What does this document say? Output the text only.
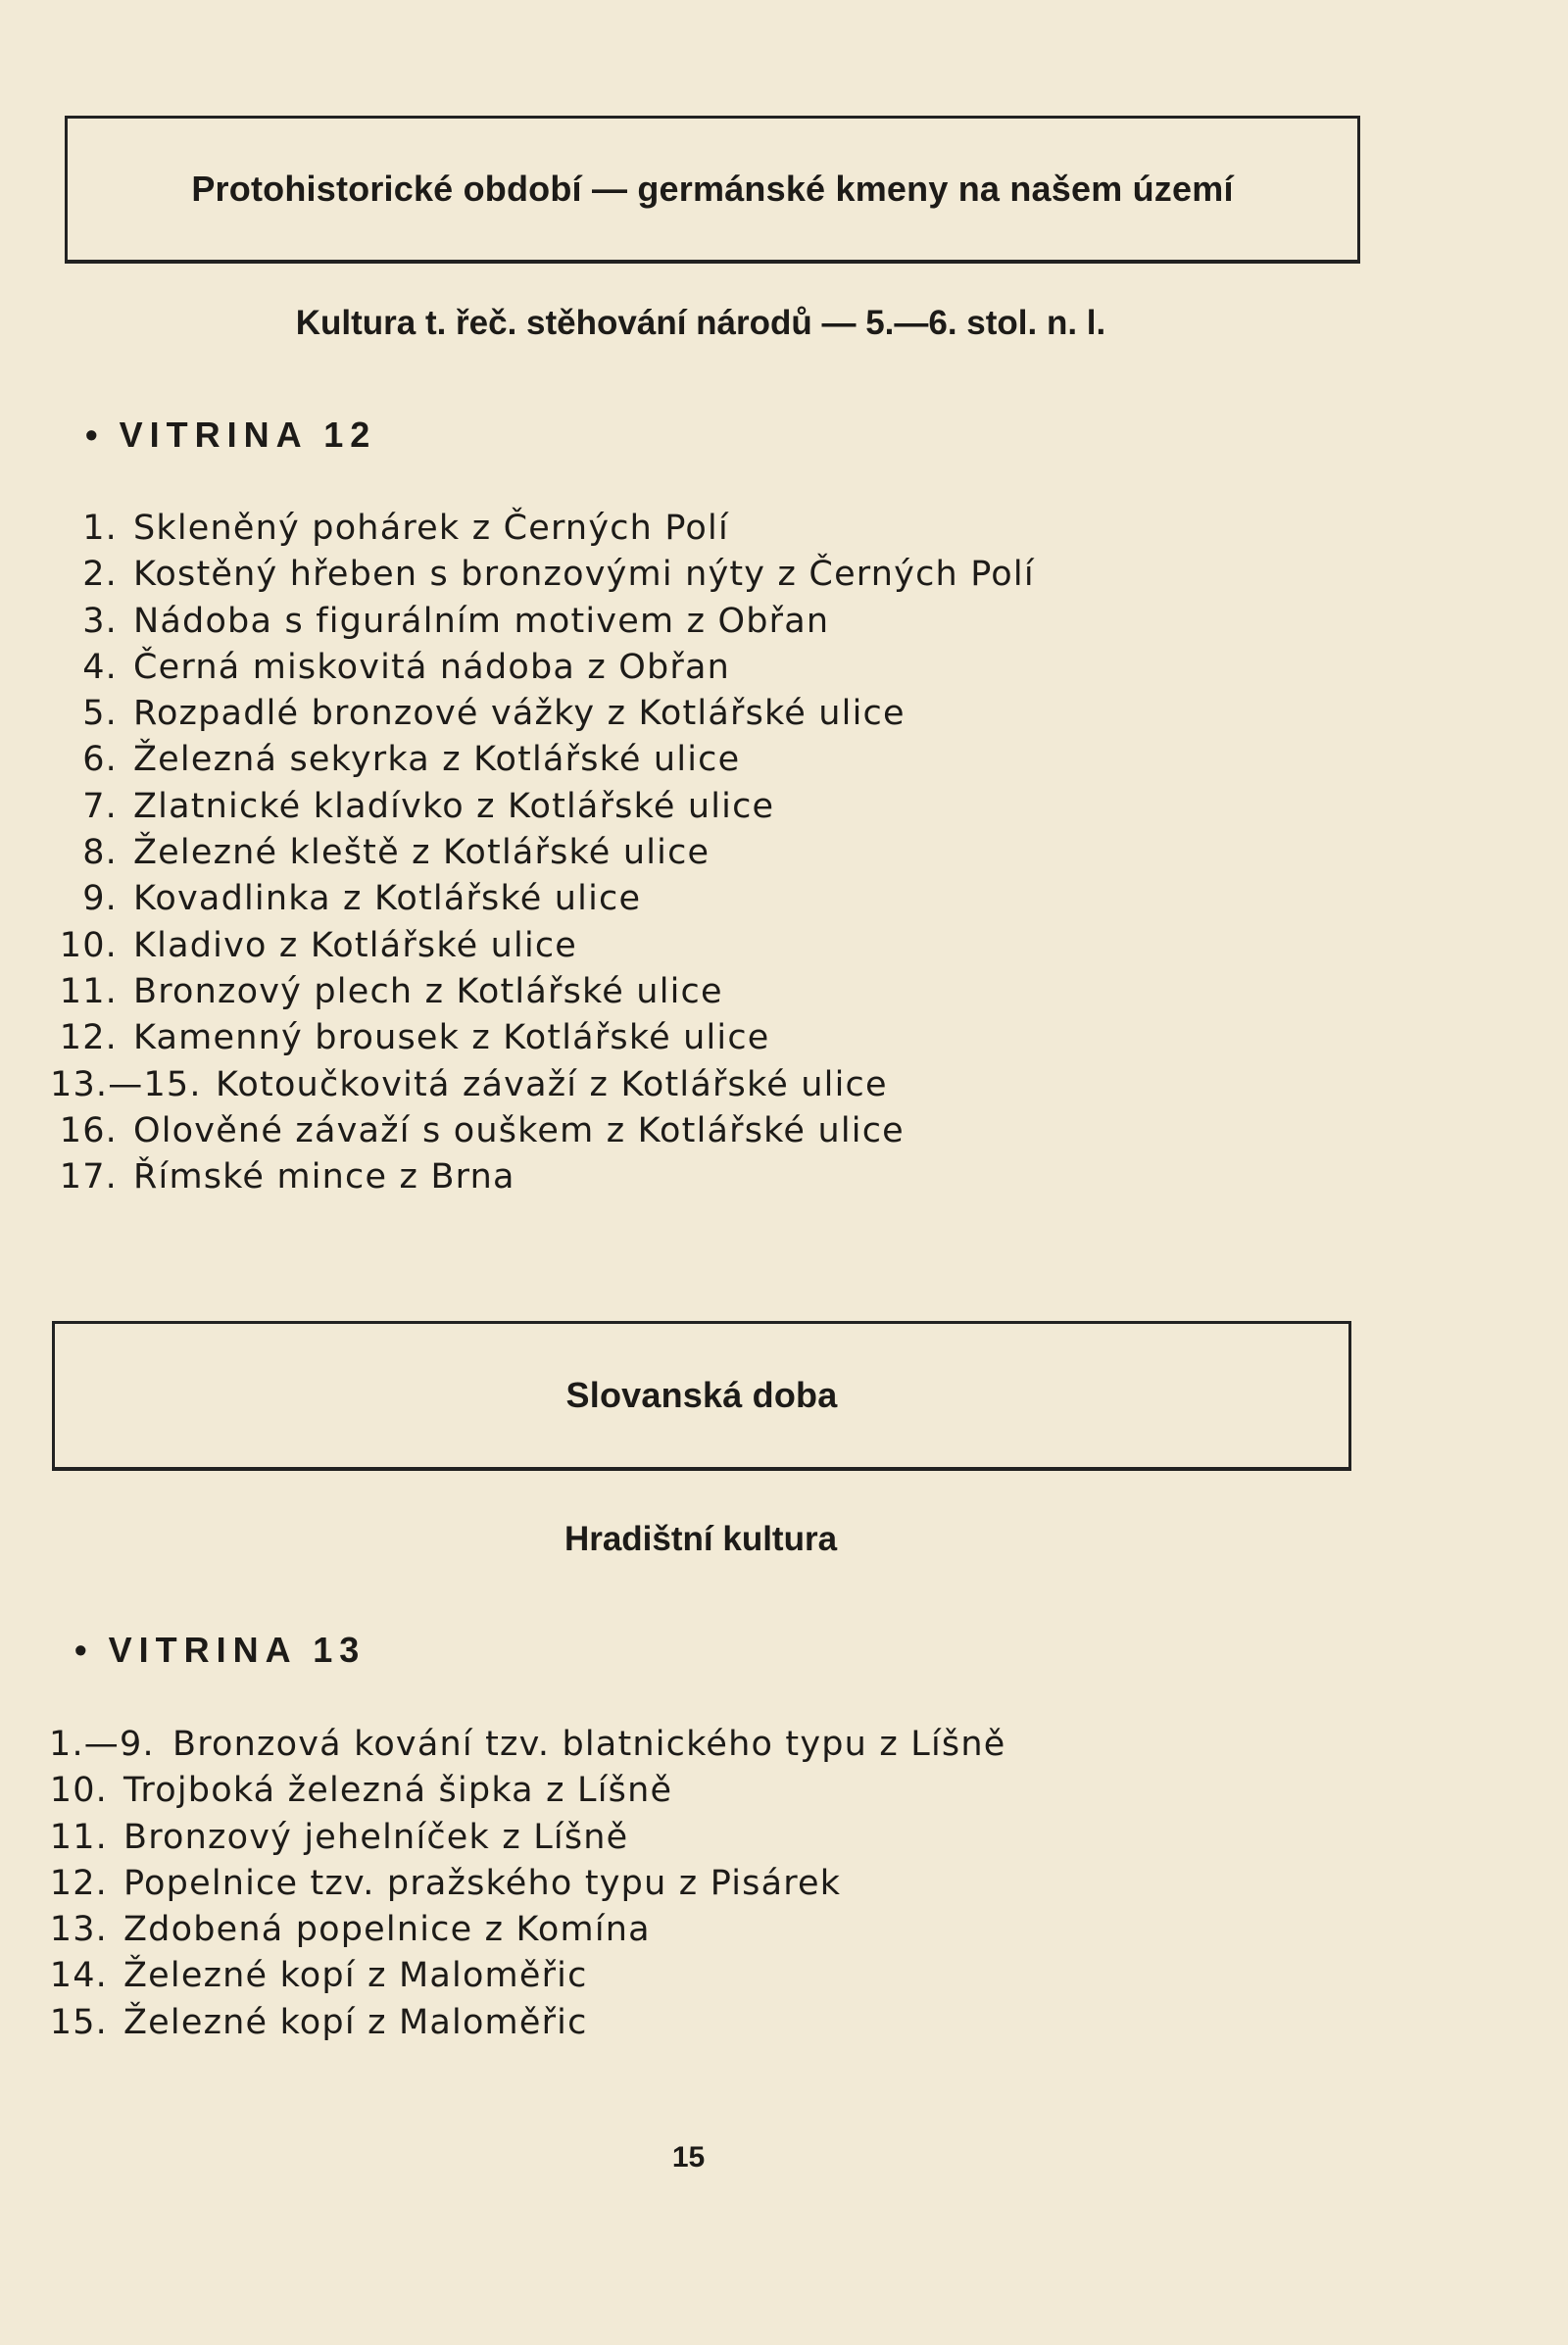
Protohistorické období — germánské kmeny na našem území
Kultura t. řeč. stěhování národů — 5.—6. stol. n. l.
• VITRINA 12
1. Skleněný pohárek z Černých Polí
2. Kostěný hřeben s bronzovými nýty z Černých Polí
3. Nádoba s figurálním motivem z Obřan
4. Černá miskovitá nádoba z Obřan
5. Rozpadlé bronzové vážky z Kotlářské ulice
6. Železná sekyrka z Kotlářské ulice
7. Zlatnické kladívko z Kotlářské ulice
8. Železné kleště z Kotlářské ulice
9. Kovadlinka z Kotlářské ulice
10. Kladivo z Kotlářské ulice
11. Bronzový plech z Kotlářské ulice
12. Kamenný brousek z Kotlářské ulice
13.—15. Kotoučkovitá závaží z Kotlářské ulice
16. Olověné závaží s ouškem z Kotlářské ulice
17. Římské mince z Brna
Slovanská doba
Hradištní kultura
• VITRINA 13
1.—9. Bronzová kování tzv. blatnického typu z Líšně
10. Trojboká železná šipka z Líšně
11. Bronzový jehelníček z Líšně
12. Popelnice tzv. pražského typu z Pisárek
13. Zdobená popelnice z Komína
14. Železné kopí z Maloměřic
15. Železné kopí z Maloměřic
15
